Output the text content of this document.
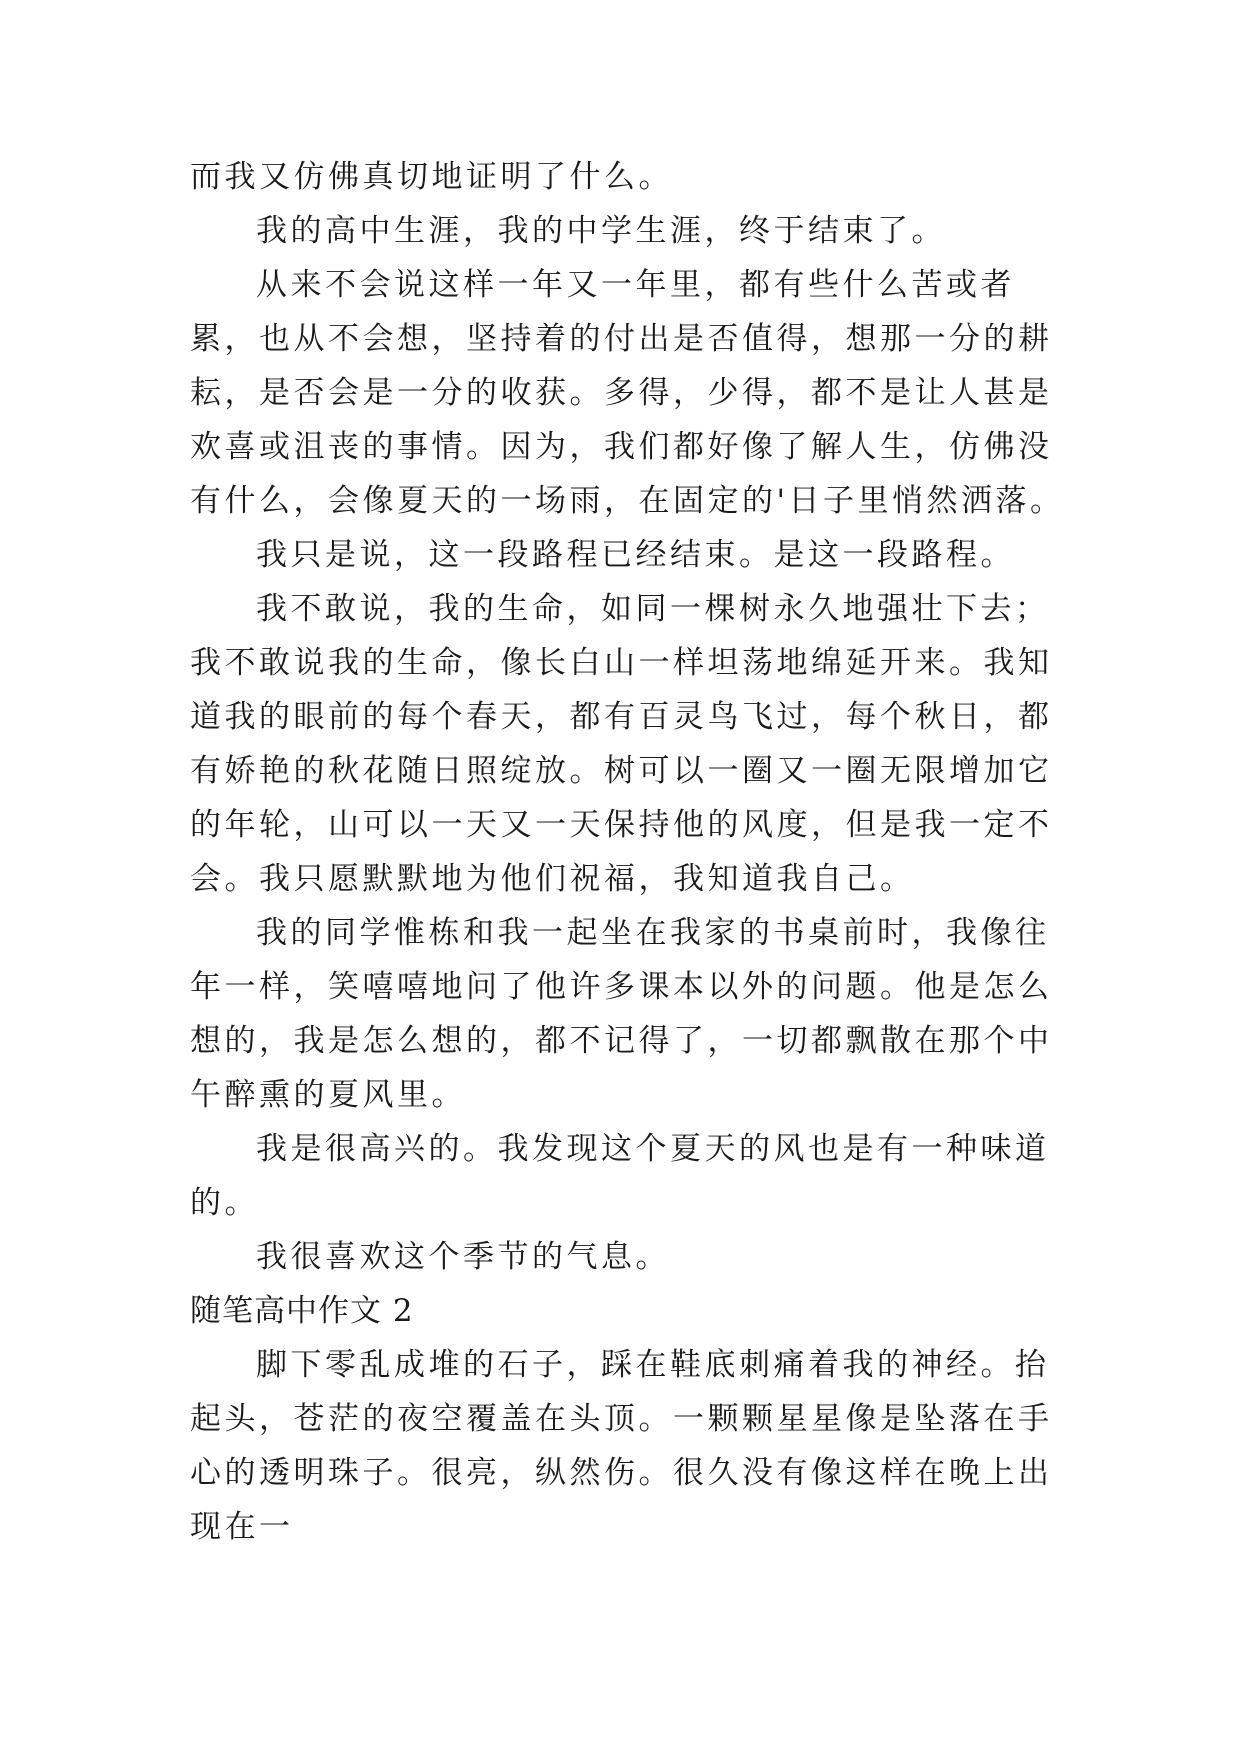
而我又仿佛真切地证明了什么。

我的高中生涯，我的中学生涯，终于结束了。

从来不会说这样一年又一年里，都有些什么苦或者累，也从不会想，坚持着的付出是否值得，想那一分的耕耘，是否会是一分的收获。多得，少得，都不是让人甚是欢喜或沮丧的事情。因为，我们都好像了解人生，仿佛没有什么，会像夏天的一场雨，在固定的'日子里悄然洒落。

我只是说，这一段路程已经结束。是这一段路程。

我不敢说，我的生命，如同一棵树永久地强壮下去；我不敢说我的生命，像长白山一样坦荡地绵延开来。我知道我的眼前的每个春天，都有百灵鸟飞过，每个秋日，都有娇艳的秋花随日照绽放。树可以一圈又一圈无限增加它的年轮，山可以一天又一天保持他的风度，但是我一定不会。我只愿默默地为他们祝福，我知道我自己。

我的同学惟栋和我一起坐在我家的书桌前时，我像往年一样，笑嘻嘻地问了他许多课本以外的问题。他是怎么想的，我是怎么想的，都不记得了，一切都飘散在那个中午醉熏的夏风里。

我是很高兴的。我发现这个夏天的风也是有一种味道的。

我很喜欢这个季节的气息。

随笔高中作文 2

脚下零乱成堆的石子，踩在鞋底刺痛着我的神经。抬起头，苍茫的夜空覆盖在头顶。一颗颗星星像是坠落在手心的透明珠子。很亮，纵然伤。很久没有像这样在晚上出现在一
